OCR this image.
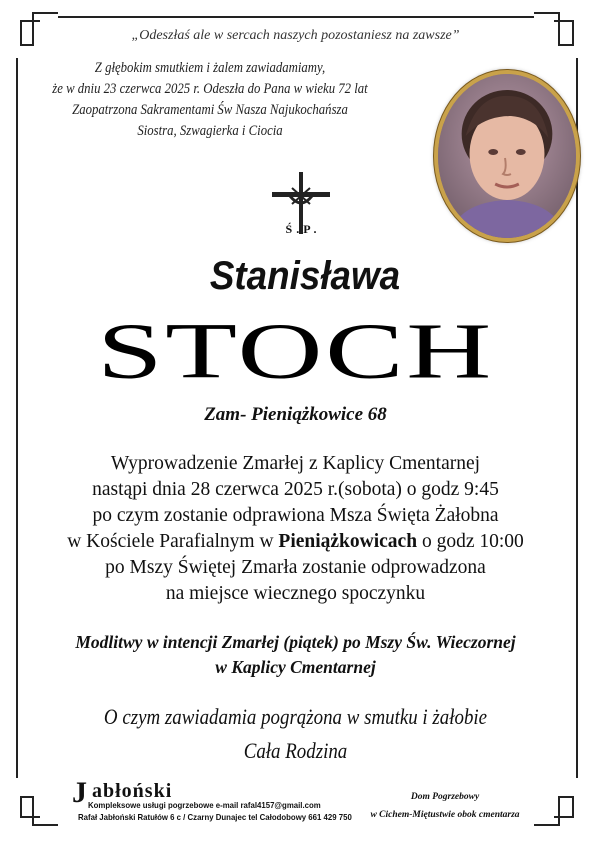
„Odeszłaś ale w sercach naszych pozostaniesz na zawsze”
Z głębokim smutkiem i żalem zawiadamiamy,
że w dniu 23 czerwca 2025 r. Odeszła do Pana w wieku 72 lat
Zaopatrzona Sakramentami Św Nasza Najukochańsza
Siostra, Szwagierka i Ciocia
Ś.P.
Stanisława
STOCH
Zam- Pieniążkowice 68
Wyprowadzenie Zmarłej z Kaplicy Cmentarnej
nastąpi dnia 28 czerwca 2025 r.(sobota) o godz 9:45
po czym zostanie odprawiona Msza Święta Żałobna
w Kościele Parafialnym w Pieniążkowicach o godz 10:00
po Mszy Świętej Zmarła zostanie odprowadzona
na miejsce wiecznego spoczynku
Modlitwy w intencji Zmarłej (piątek) po Mszy Św. Wieczornej
w Kaplicy Cmentarnej
O czym zawiadamia pogrążona w smutku i żałobie
Cała Rodzina
J abłoński
Kompleksowe usługi pogrzebowe e-mail rafal4157@gmail.com
Rafał Jabłoński Ratułów 6 c / Czarny Dunajec tel Całodobowy 661 429 750
Dom Pogrzebowy
w Cichem-Miętustwie obok cmentarza
